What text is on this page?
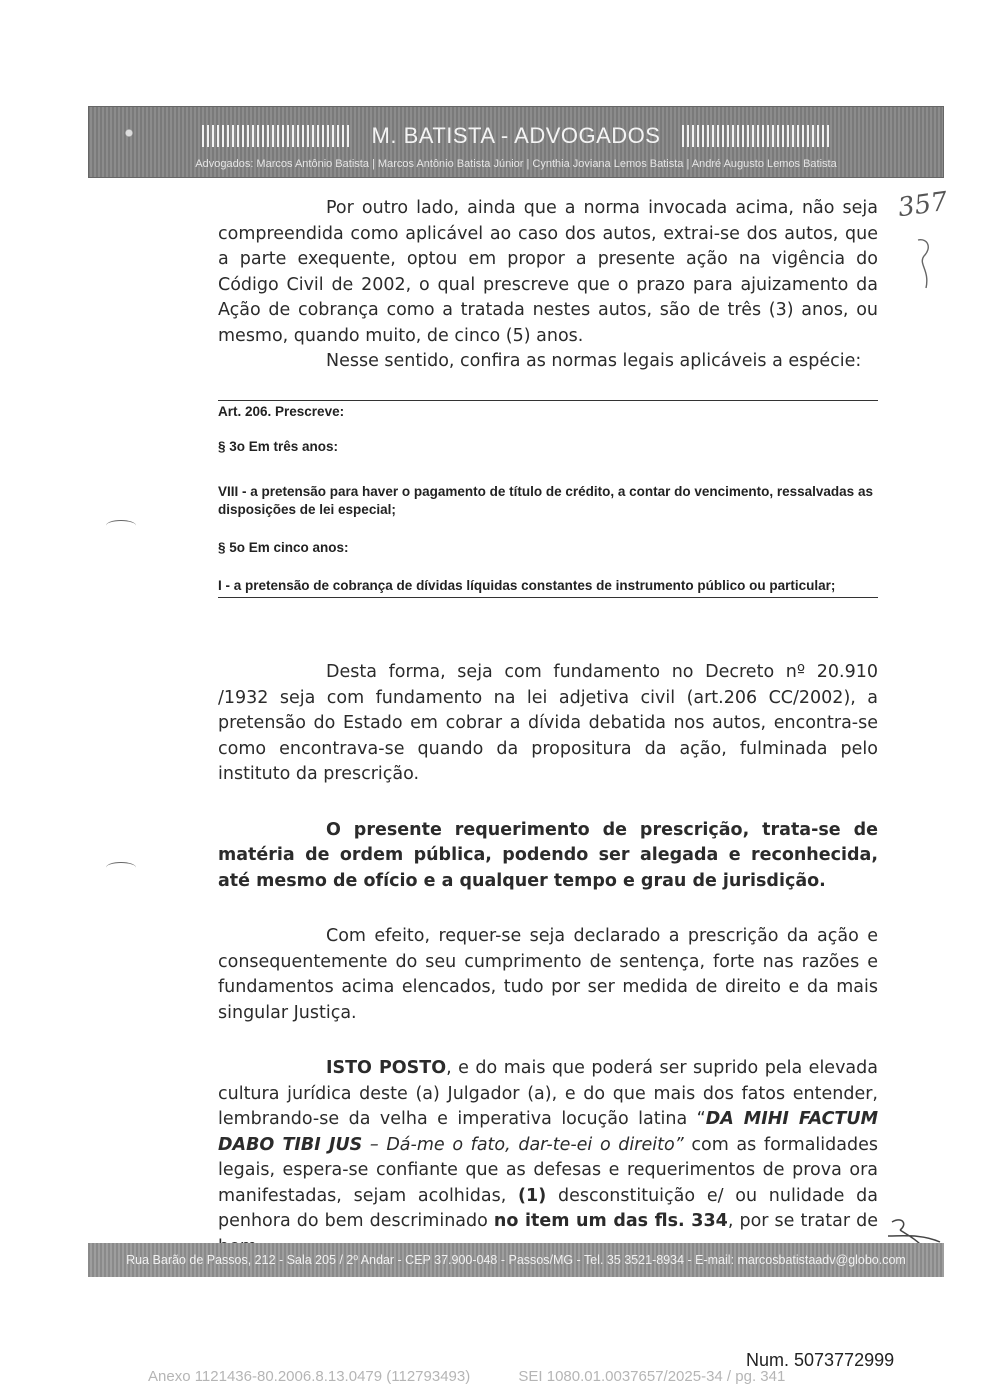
M. BATISTA - ADVOGADOS
Advogados: Marcos Antônio Batista | Marcos Antônio Batista Júnior | Cynthia Joviana Lemos Batista | André Augusto Lemos Batista
357

Por outro lado, ainda que a norma invocada acima, não seja compreendida como aplicável ao caso dos autos, extrai-se dos autos, que a parte exequente, optou em propor a presente ação na vigência do Código Civil de 2002, o qual prescreve que o prazo para ajuizamento da Ação de cobrança como a tratada nestes autos, são de três (3) anos, ou mesmo, quando muito, de cinco (5) anos.

Nesse sentido, confira as normas legais aplicáveis a espécie:

Art. 206. Prescreve:

§ 3o Em três anos:

VIII - a pretensão para haver o pagamento de título de crédito, a contar do vencimento, ressalvadas as disposições de lei especial;

§ 5o Em cinco anos:

I - a pretensão de cobrança de dívidas líquidas constantes de instrumento público ou particular;

Desta forma, seja com fundamento no Decreto nº 20.910 /1932 seja com fundamento na lei adjetiva civil (art.206 CC/2002), a pretensão do Estado em cobrar a dívida debatida nos autos, encontra-se como encontrava-se quando da propositura da ação, fulminada pelo instituto da prescrição.

O presente requerimento de prescrição, trata-se de matéria de ordem pública, podendo ser alegada e reconhecida, até mesmo de ofício e a qualquer tempo e grau de jurisdição.

Com efeito, requer-se seja declarado a prescrição da ação e consequentemente do seu cumprimento de sentença, forte nas razões e fundamentos acima elencados, tudo por ser medida de direito e da mais singular Justiça.

ISTO POSTO, e do mais que poderá ser suprido pela elevada cultura jurídica deste (a) Julgador (a), e do que mais dos fatos entender, lembrando-se da velha e imperativa locução latina “DA MIHI FACTUM DABO TIBI JUS – Dá-me o fato, dar-te-ei o direito” com as formalidades legais, espera-se confiante que as defesas e requerimentos de prova ora manifestadas, sejam acolhidas, (1) desconstituição e/ ou nulidade da penhora do bem descriminado no item um das fls. 334, por se tratar de

Rua Barão de Passos, 212 - Sala 205 / 2º Andar - CEP 37.900-048 - Passos/MG - Tel. 35 3521-8934 - E-mail: marcosbatistaadv@globo.com
Num. 5073772999
Anexo 1121436-80.2006.8.13.0479 (112793493)	SEI 1080.01.0037657/2025-34 / pg. 341
